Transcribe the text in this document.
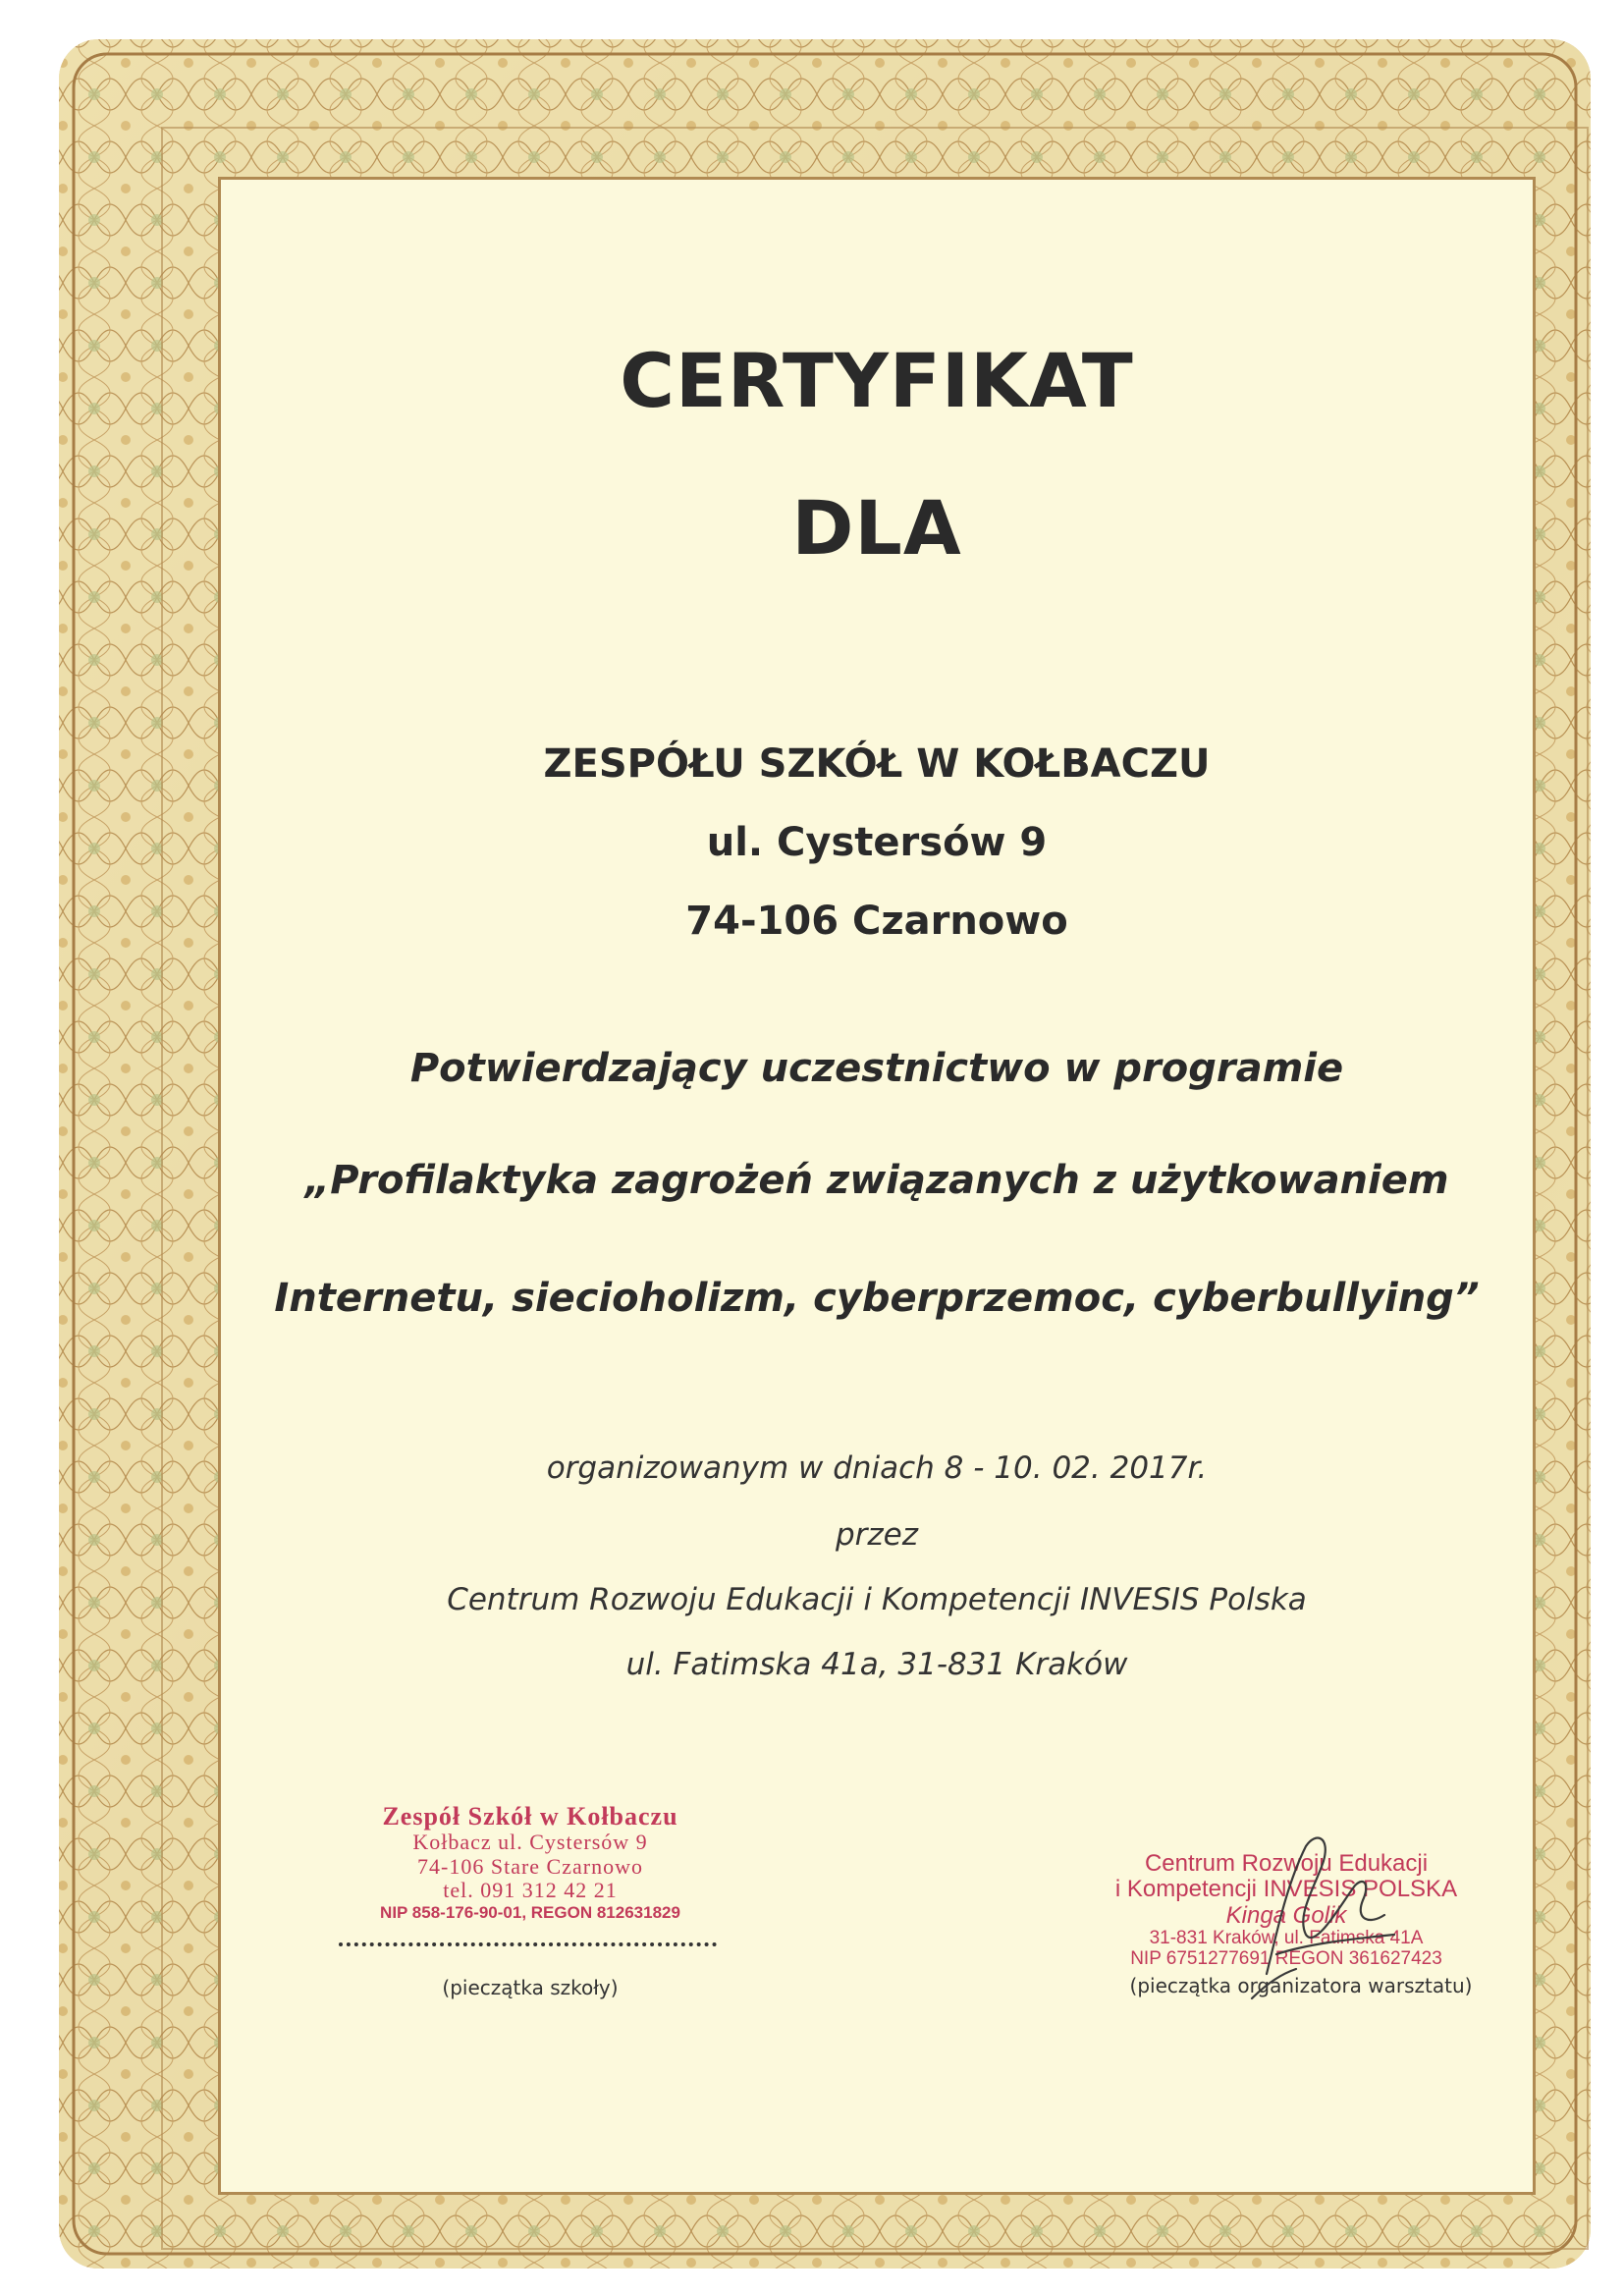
CERTYFIKAT
DLA
ZESPÓŁU SZKÓŁ W KOŁBACZU
ul. Cystersów 9
74-106 Czarnowo
Potwierdzający uczestnictwo w programie
„Profilaktyka zagrożeń związanych z użytkowaniem
Internetu, siecioholizm, cyberprzemoc, cyberbullying”
organizowanym w dniach 8 - 10. 02. 2017r.
przez
Centrum Rozwoju Edukacji i Kompetencji INVESIS Polska
ul. Fatimska 41a, 31-831 Kraków
Zespół Szkół w Kołbaczu
Kołbacz ul. Cystersów 9
74-106 Stare Czarnowo
tel. 091 312 42 21
NIP 858-176-90-01, REGON 812631829
(pieczątka szkoły)
Centrum Rozwoju Edukacji
i Kompetencji INVESIS POLSKA
Kinga Golik
31-831 Kraków, ul. Fatimska 41A
NIP 6751277691 REGON 361627423
(pieczątka organizatora warsztatu)
